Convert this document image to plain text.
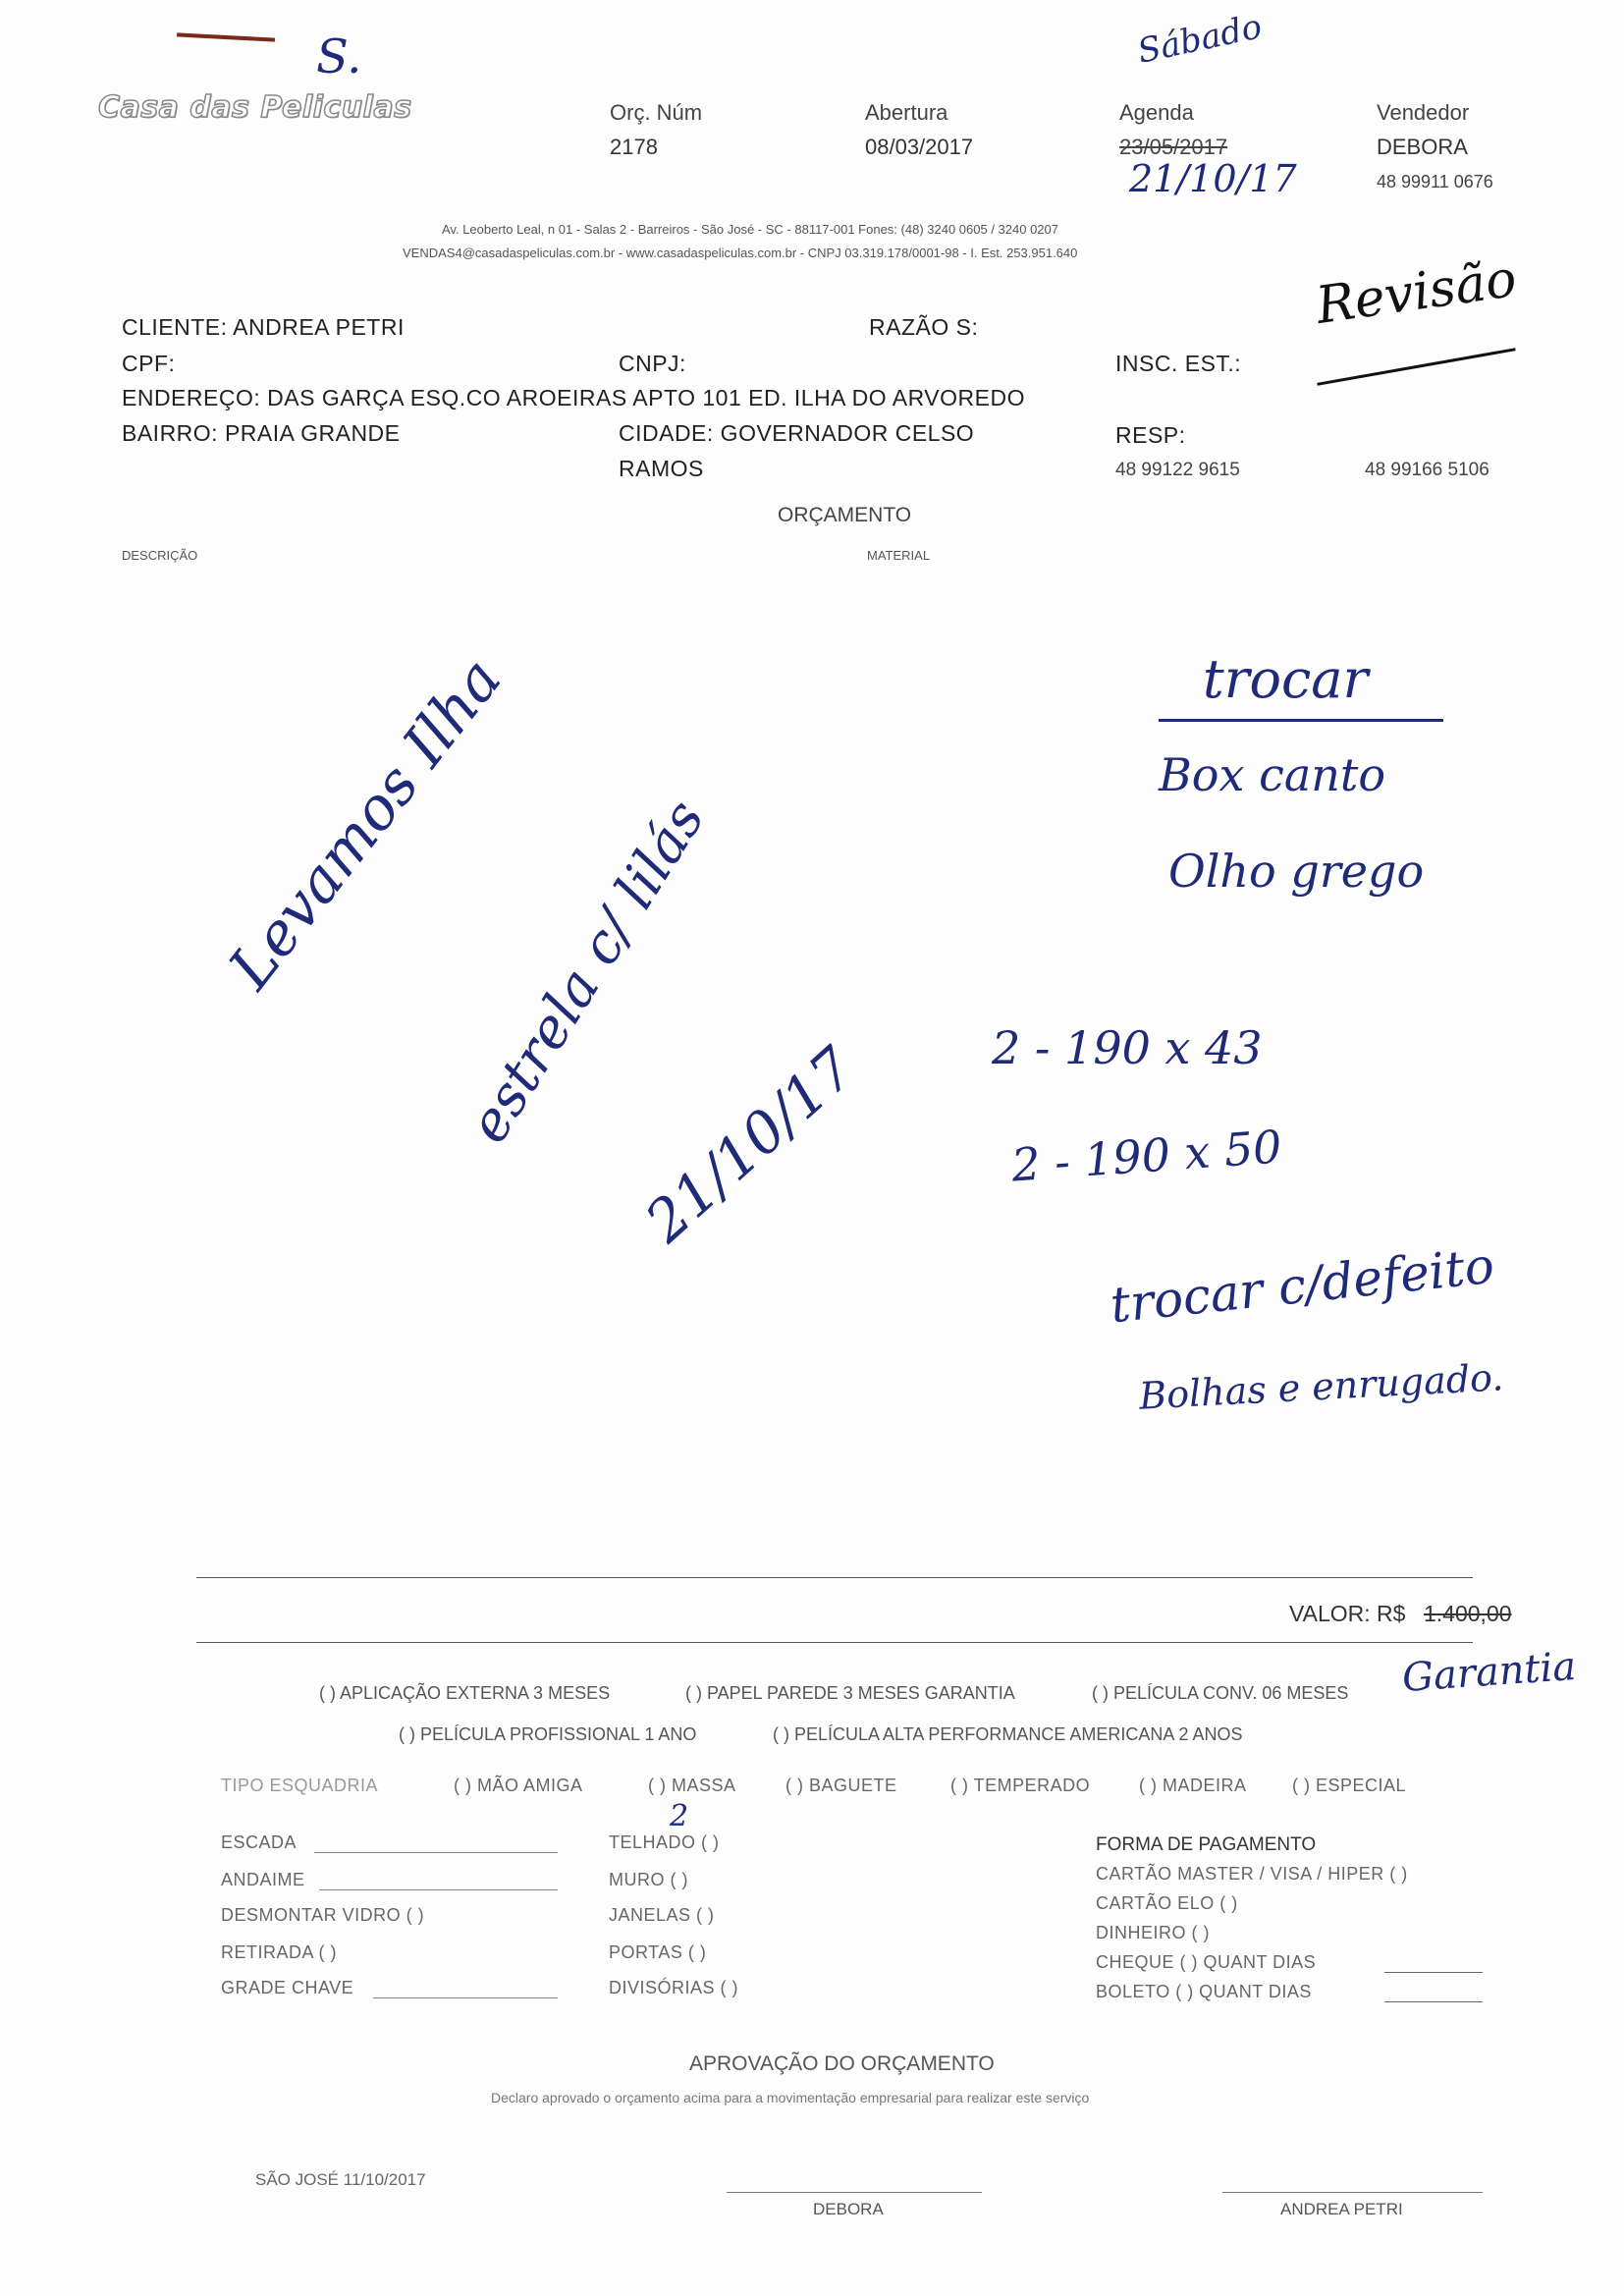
S.	Sábado
Casa das Peliculas	Orç. Núm
2178
Abertura
08/03/2017
Agenda
23/05/2017
21/10/17
Vendedor
DEBORA
48 99911 0676
Av. Leoberto Leal, n 01 - Salas 2 - Barreiros - São José - SC - 88117-001 Fones: (48) 3240 0605 / 3240 0207
VENDAS4@casadaspeliculas.com.br - www.casadaspeliculas.com.br - CNPJ 03.319.178/0001-98 - I. Est. 253.951.640	Revisão
CLIENTE: ANDREA PETRI	RAZÃO S:
CPF:	CNPJ:	INSC. EST.:
ENDEREÇO: DAS GARÇA ESQ.CO AROEIRAS APTO 101 ED. ILHA DO ARVOREDO
BAIRRO: PRAIA GRANDE	CIDADE: GOVERNADOR CELSO
RAMOS
RESP:
48 99122 9615	48 99166 5106
ORÇAMENTO
DESCRIÇÃO	MATERIAL
trocar
Box canto
Olho grego
2 - 190 x 43
2 - 190 x 50
trocar c/defeito
Bolhas e enrugado.
Levamos Ilha
estrela c/ lilás
21/10/17
VALOR: R$ 1.400,00
Garantia
( ) APLICAÇÃO EXTERNA 3 MESES	( ) PAPEL PAREDE 3 MESES GARANTIA	( ) PELÍCULA CONV. 06 MESES
( ) PELÍCULA PROFISSIONAL 1 ANO	( ) PELÍCULA ALTA PERFORMANCE AMERICANA 2 ANOS
TIPO ESQUADRIA	( ) MÃO AMIGA	( ) MASSA	( ) BAGUETE	( ) TEMPERADO	( ) MADEIRA	( ) ESPECIAL
ESCADA
ANDAIME
DESMONTAR VIDRO ( )
RETIRADA ( )
GRADE CHAVE
TELHADO ( )
2
MURO ( )
JANELAS ( )
PORTAS ( )
DIVISÓRIAS ( )
FORMA DE PAGAMENTO
CARTÃO MASTER / VISA / HIPER ( )
CARTÃO ELO ( )
DINHEIRO ( )
CHEQUE ( ) QUANT DIAS
BOLETO ( ) QUANT DIAS
APROVAÇÃO DO ORÇAMENTO
Declaro aprovado o orçamento acima para a movimentação empresarial para realizar este serviço
SÃO JOSÉ 11/10/2017
DEBORA	ANDREA PETRI
